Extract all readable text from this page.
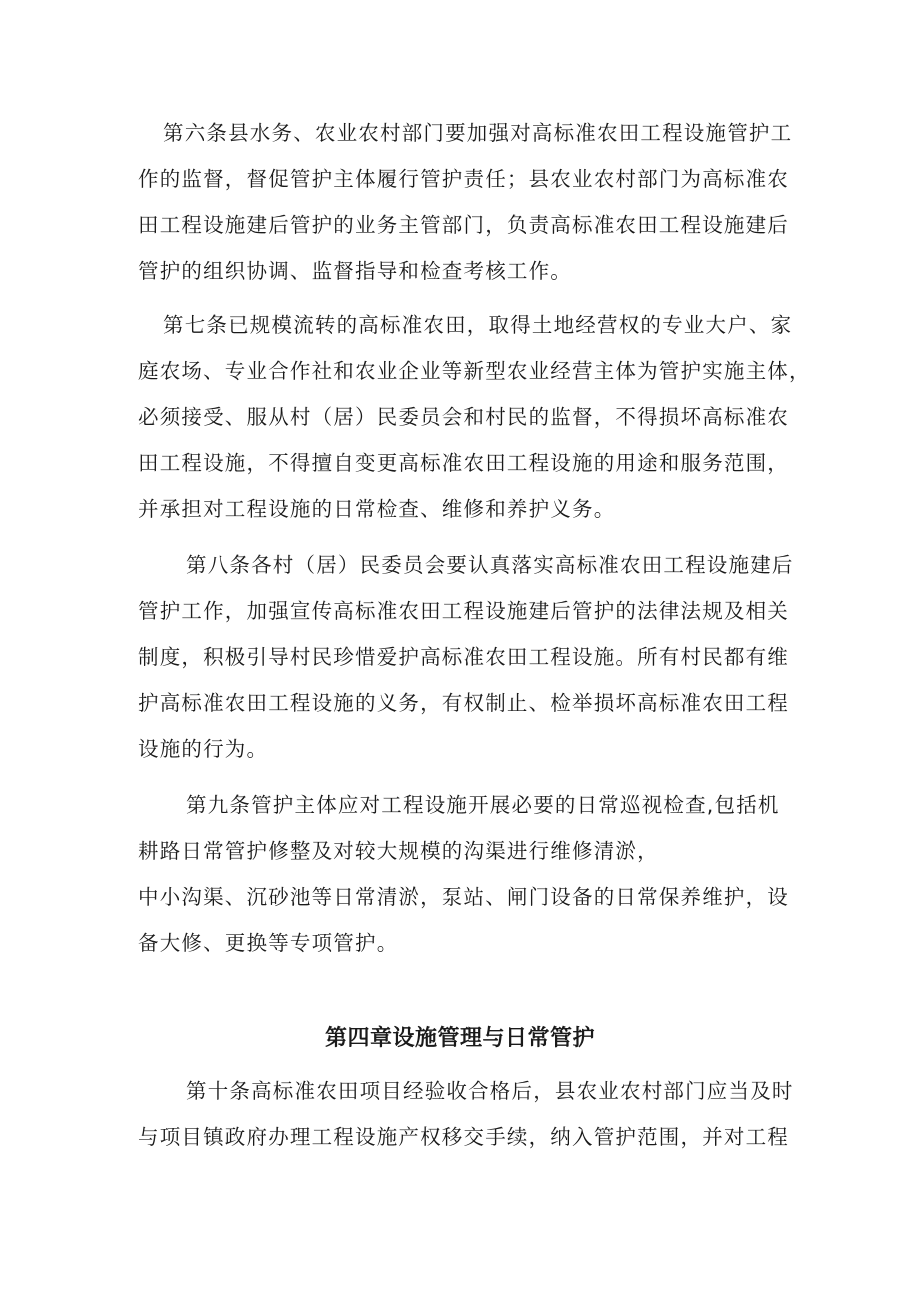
第六条县水务、农业农村部门要加强对高标准农田工程设施管护工
作的监督，督促管护主体履行管护责任；县农业农村部门为高标准农
田工程设施建后管护的业务主管部门，负责高标准农田工程设施建后
管护的组织协调、监督指导和检查考核工作。
第七条已规模流转的高标准农田，取得土地经营权的专业大户、家
庭农场、专业合作社和农业企业等新型农业经营主体为管护实施主体，
必须接受、服从村（居）民委员会和村民的监督，不得损坏高标准农
田工程设施，不得擅自变更高标准农田工程设施的用途和服务范围，
并承担对工程设施的日常检查、维修和养护义务。
第八条各村（居）民委员会要认真落实高标准农田工程设施建后
管护工作，加强宣传高标准农田工程设施建后管护的法律法规及相关
制度，积极引导村民珍惜爱护高标准农田工程设施。所有村民都有维
护高标准农田工程设施的义务，有权制止、检举损坏高标准农田工程
设施的行为。
第九条管护主体应对工程设施开展必要的日常巡视检查,包括机
耕路日常管护修整及对较大规模的沟渠进行维修清淤，
中小沟渠、沉砂池等日常清淤，泵站、闸门设备的日常保养维护，设
备大修、更换等专项管护。
第四章设施管理与日常管护
第十条高标准农田项目经验收合格后，县农业农村部门应当及时
与项目镇政府办理工程设施产权移交手续，纳入管护范围，并对工程
